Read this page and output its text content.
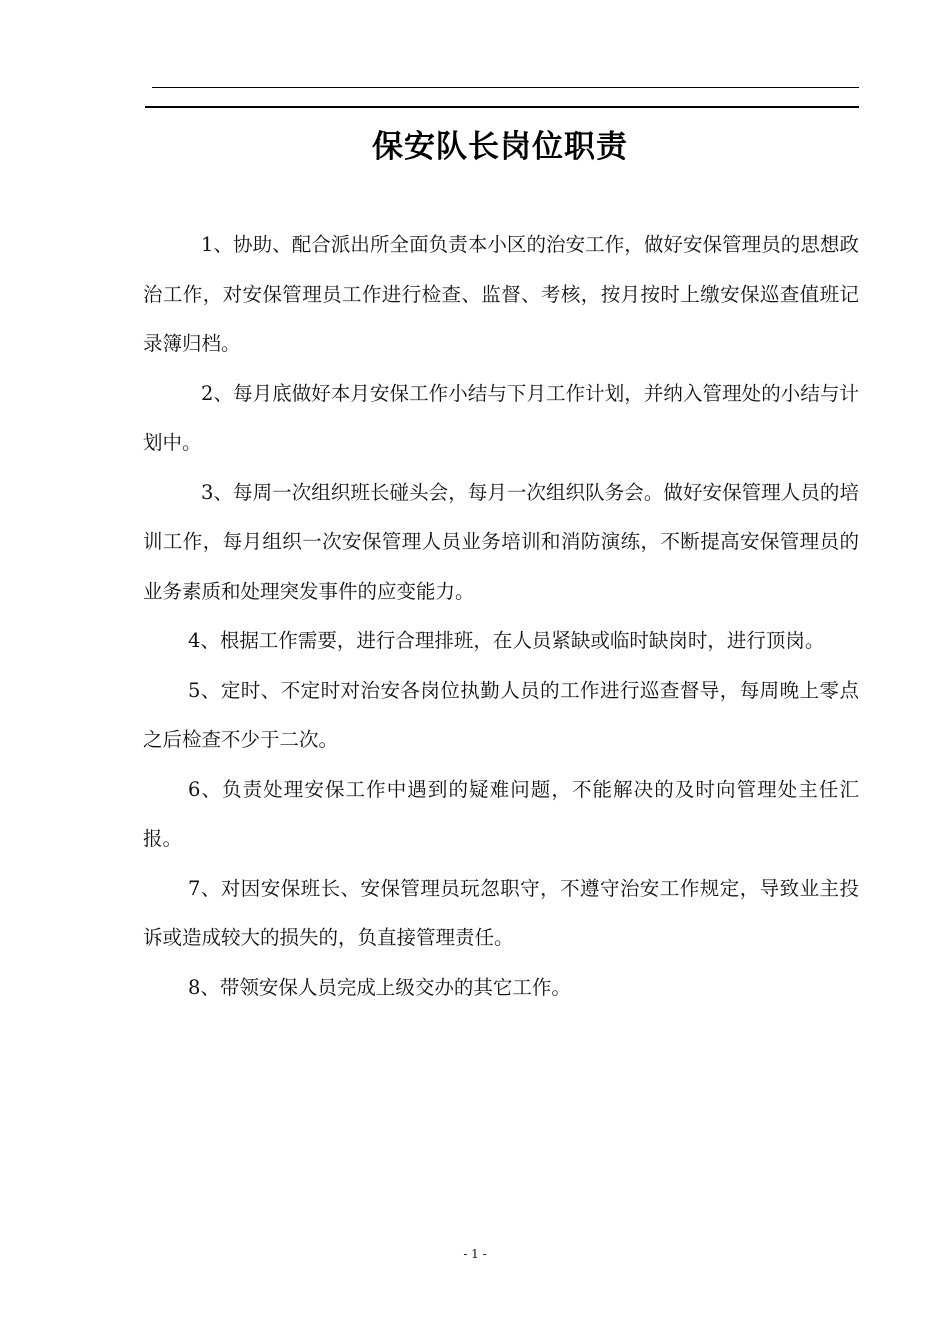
保安队长岗位职责

1、协助、配合派出所全面负责本小区的治安工作，做好安保管理员的思想政治工作，对安保管理员工作进行检查、监督、考核，按月按时上缴安保巡查值班记录簿归档。

2、每月底做好本月安保工作小结与下月工作计划，并纳入管理处的小结与计划中。

3、每周一次组织班长碰头会，每月一次组织队务会。做好安保管理人员的培训工作，每月组织一次安保管理人员业务培训和消防演练，不断提高安保管理员的业务素质和处理突发事件的应变能力。

4、根据工作需要，进行合理排班，在人员紧缺或临时缺岗时，进行顶岗。

5、定时、不定时对治安各岗位执勤人员的工作进行巡查督导，每周晚上零点之后检查不少于二次。

6、负责处理安保工作中遇到的疑难问题，不能解决的及时向管理处主任汇报。

7、对因安保班长、安保管理员玩忽职守，不遵守治安工作规定，导致业主投诉或造成较大的损失的，负直接管理责任。

8、带领安保人员完成上级交办的其它工作。

- 1 -
